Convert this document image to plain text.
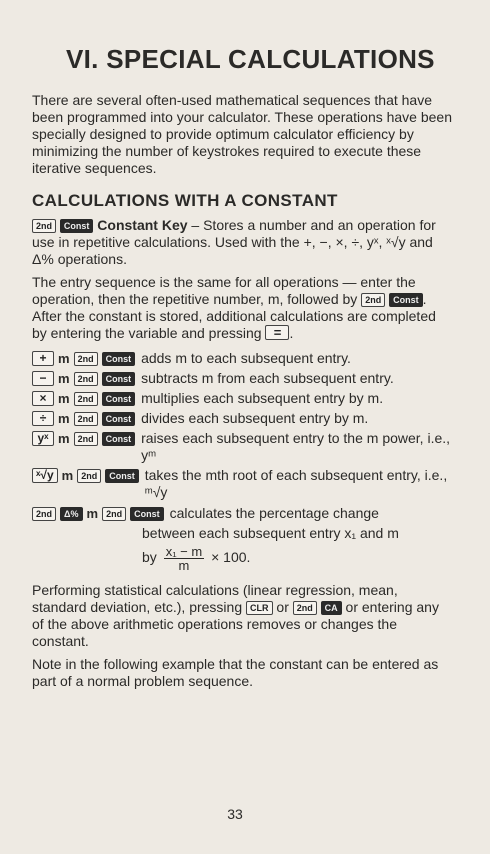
VI. SPECIAL CALCULATIONS

There are several often-used mathematical sequences that have been programmed into your calculator. These operations have been specially designed to provide optimum calculator efficiency by minimizing the number of keystrokes required to execute these iterative sequences.

CALCULATIONS WITH A CONSTANT

2nd Const Constant Key – Stores a number and an operation for use in repetitive calculations. Used with the +, −, ×, ÷, yˣ, ˣ√y and Δ% operations.

The entry sequence is the same for all operations — enter the operation, then the repetitive number, m, followed by 2nd Const . After the constant is stored, additional calculations are completed by entering the variable and pressing = .

+ m 2nd	Const adds m to each subsequent entry.
− m 2nd	Const subtracts m from each subsequent entry.
× m 2nd	Const multiplies each subsequent entry by m.
÷ m 2nd	Const divides each subsequent entry by m.
yˣ m 2nd	Const raises each subsequent entry to the m power, i.e., yᵐ
ˣ√y m 2nd	Const takes the mth root of each subsequent entry, i.e., ᵐ√y
2nd	Δ% m 2nd	Const calculates the percentage change

between each subsequent entry x₁ and m

by $\frac{\text{x₁ − m}}{m} \times 100$.

Performing statistical calculations (linear regression, mean, standard deviation, etc.), pressing CLR or 2nd CA or entering any of the above arithmetic operations removes or changes the constant.

Note in the following example that the constant can be entered as part of a normal problem sequence.

33
